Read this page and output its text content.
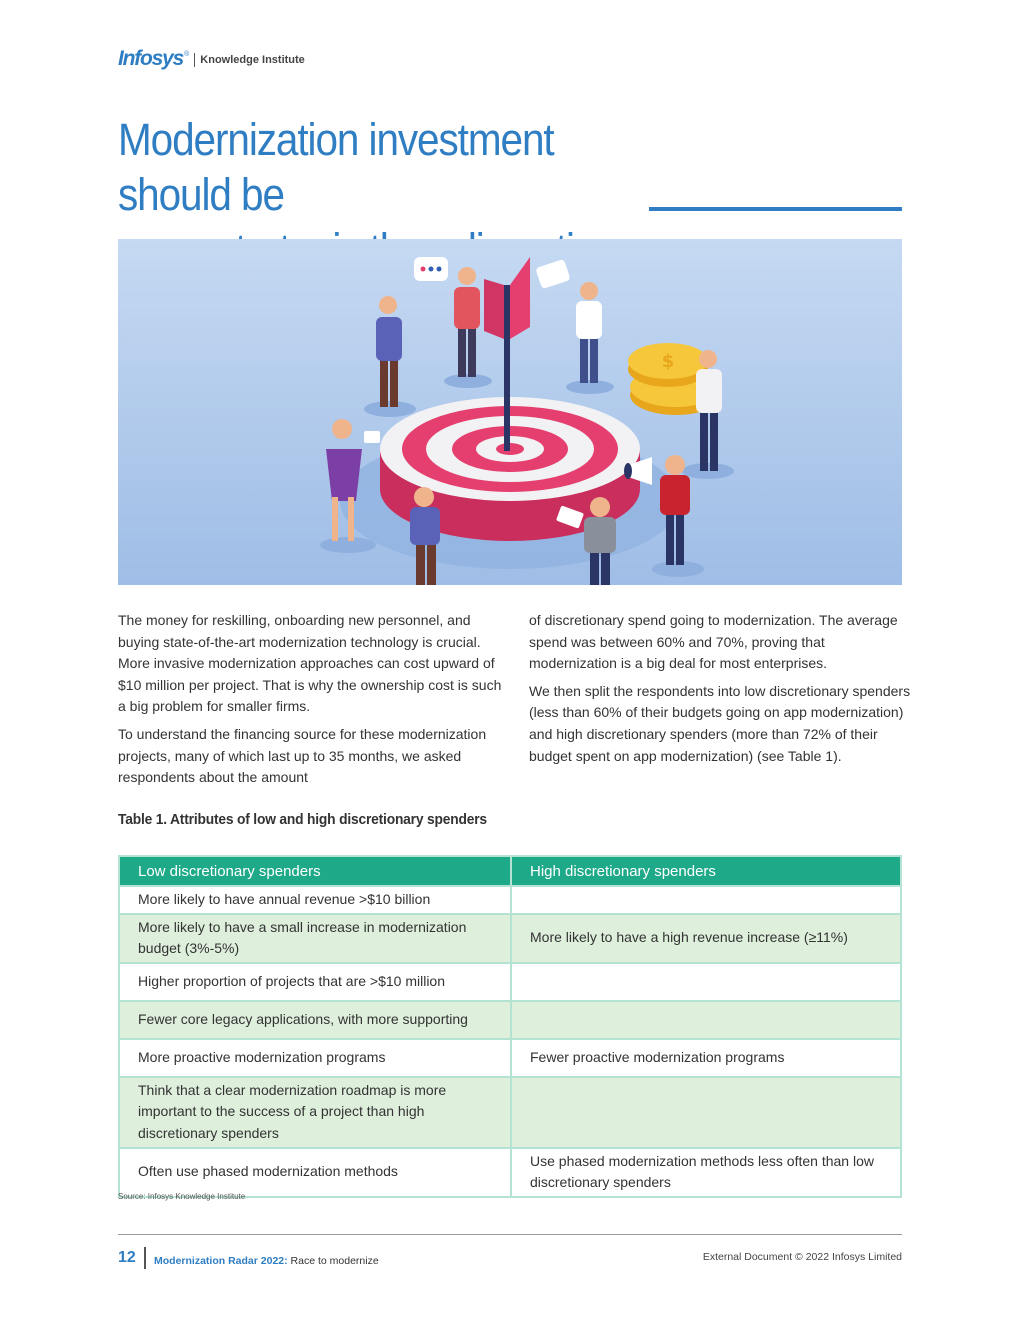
Infosys ® Knowledge Institute
Modernization investment should be

$

The money for reskilling, onboarding new personnel, and buying state-of-the-art modernization technology is crucial. More invasive modernization approaches can cost upward of $10 million per project. That is why the ownership cost is such a big problem for smaller firms.

To understand the financing source for these modernization projects, many of which last up to 35 months, we asked respondents about the amount

of discretionary spend going to modernization. The average spend was between 60% and 70%, proving that modernization is a big deal for most enterprises.

We then split the respondents into low discretionary spenders (less than 60% of their budgets going on app modernization) and high discretionary spenders (more than 72% of their budget spent on app modernization) (see Table 1).

Table 1. Attributes of low and high discretionary spenders
Low discretionary spenders	High discretionary spenders
More likely to have annual revenue >$10 billion	
More likely to have a small increase in modernization budget (3%-5%)	More likely to have a high revenue increase (≥11%)
Higher proportion of projects that are >$10 million	
Fewer core legacy applications, with more supporting	
More proactive modernization programs	Fewer proactive modernization programs
Think that a clear modernization roadmap is more important to the success of a project than high discretionary spenders	
Often use phased modernization methods	Use phased modernization methods less often than low discretionary spenders
Source: Infosys Knowledge Institute
12 Modernization Radar 2022: Race to modernize	External Document © 2022 Infosys Limited
